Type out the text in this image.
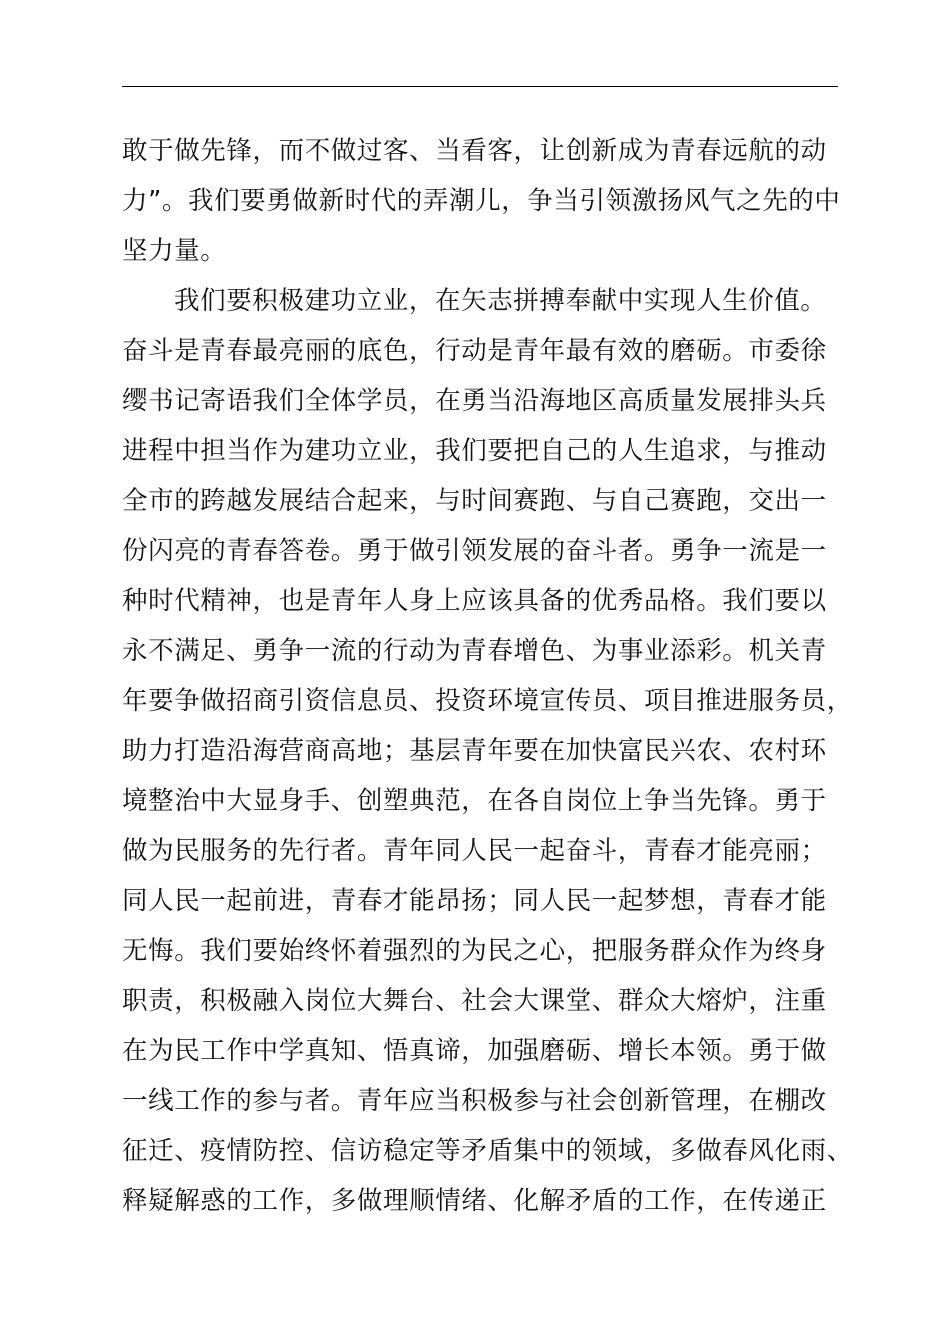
敢于做先锋，而不做过客、当看客，让创新成为青春远航的动
力”。我们要勇做新时代的弄潮儿，争当引领激扬风气之先的中
坚力量。
我们要积极建功立业，在矢志拼搏奉献中实现人生价值。
奋斗是青春最亮丽的底色，行动是青年最有效的磨砺。市委徐
缨书记寄语我们全体学员，在勇当沿海地区高质量发展排头兵
进程中担当作为建功立业，我们要把自己的人生追求，与推动
全市的跨越发展结合起来，与时间赛跑、与自己赛跑，交出一
份闪亮的青春答卷。勇于做引领发展的奋斗者。勇争一流是一
种时代精神，也是青年人身上应该具备的优秀品格。我们要以
永不满足、勇争一流的行动为青春增色、为事业添彩。机关青
年要争做招商引资信息员、投资环境宣传员、项目推进服务员，
助力打造沿海营商高地；基层青年要在加快富民兴农、农村环
境整治中大显身手、创塑典范，在各自岗位上争当先锋。勇于
做为民服务的先行者。青年同人民一起奋斗，青春才能亮丽；
同人民一起前进，青春才能昂扬；同人民一起梦想，青春才能
无悔。我们要始终怀着强烈的为民之心，把服务群众作为终身
职责，积极融入岗位大舞台、社会大课堂、群众大熔炉，注重
在为民工作中学真知、悟真谛，加强磨砺、增长本领。勇于做
一线工作的参与者。青年应当积极参与社会创新管理，在棚改
征迁、疫情防控、信访稳定等矛盾集中的领域，多做春风化雨、
释疑解惑的工作，多做理顺情绪、化解矛盾的工作，在传递正
